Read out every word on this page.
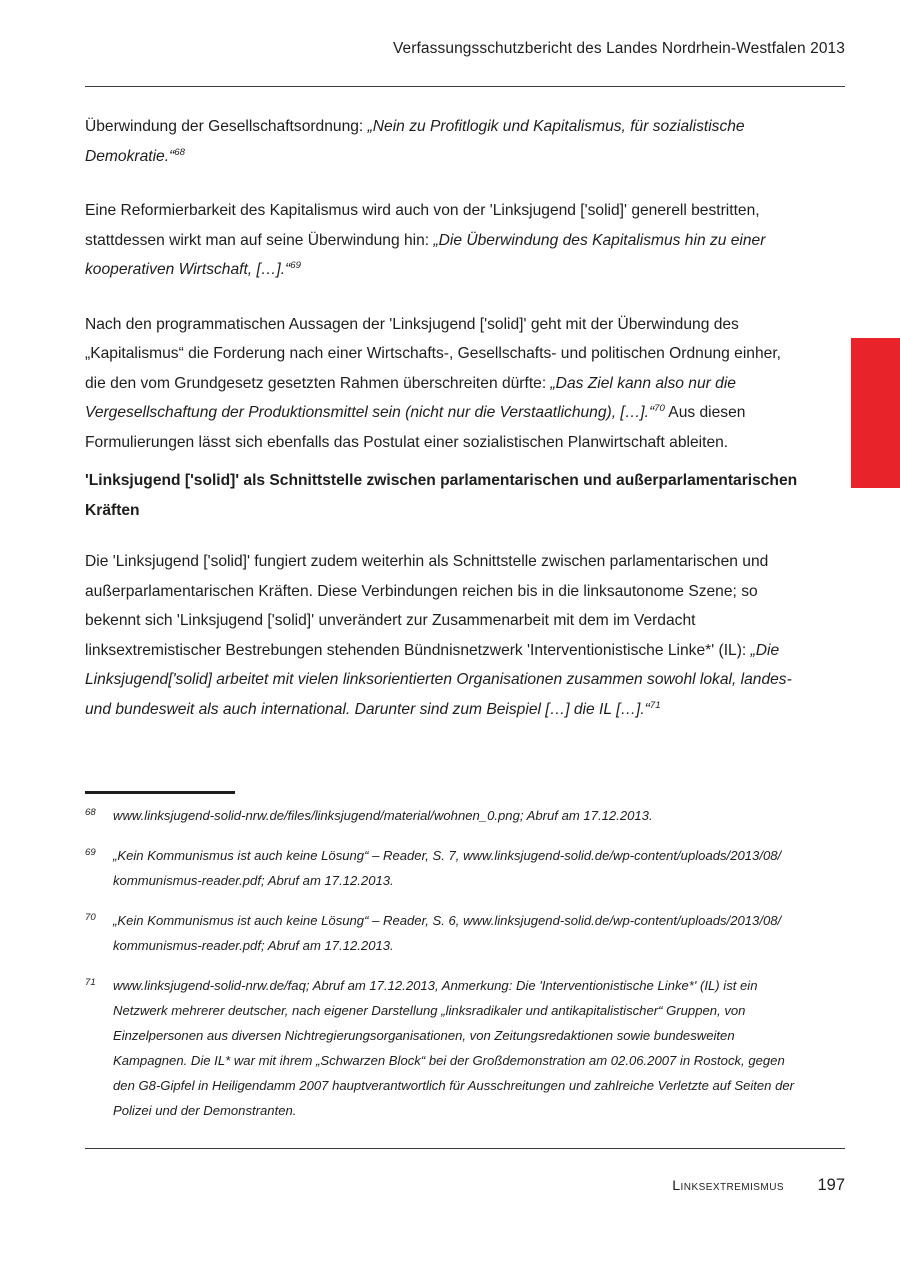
Verfassungsschutzbericht des Landes Nordrhein-Westfalen 2013

Überwindung der Gesellschaftsordnung: „Nein zu Profitlogik und Kapitalismus, für sozialistische Demokratie.“$^{68}$

Eine Reformierbarkeit des Kapitalismus wird auch von der 'Linksjugend ['solid]' generell bestritten, stattdessen wirkt man auf seine Überwindung hin: „Die Überwindung des Kapitalismus hin zu einer kooperativen Wirtschaft, […].“$^{69}$

Nach den programmatischen Aussagen der 'Linksjugend ['solid]' geht mit der Überwindung des „Kapitalismus“ die Forderung nach einer Wirtschafts-, Gesellschafts- und politischen Ordnung einher, die den vom Grundgesetz gesetzten Rahmen überschreiten dürfte: „Das Ziel kann also nur die Vergesellschaftung der Produktionsmittel sein (nicht nur die Verstaatlichung), […].“$^{70}$ Aus diesen Formulierungen lässt sich ebenfalls das Postulat einer sozialistischen Planwirtschaft ableiten.

'Linksjugend ['solid]' als Schnittstelle zwischen parlamentarischen und außerparlamentarischen Kräften

Die 'Linksjugend ['solid]' fungiert zudem weiterhin als Schnittstelle zwischen parlamentarischen und außerparlamentarischen Kräften. Diese Verbindungen reichen bis in die linksautonome Szene; so bekennt sich 'Linksjugend ['solid]' unverändert zur Zusammenarbeit mit dem im Verdacht linksextremistischer Bestrebungen stehenden Bündnisnetzwerk 'Interventionistische Linke*' (IL): „Die Linksjugend['solid] arbeitet mit vielen linksorientierten Organisationen zusammen sowohl lokal, landes- und bundesweit als auch international. Darunter sind zum Beispiel […] die IL […].“$^{71}$

68	www.linksjugend-solid-nrw.de/files/linksjugend/material/wohnen_0.png; Abruf am 17.12.2013.
69	„Kein Kommunismus ist auch keine Lösung“ – Reader, S. 7, www.linksjugend-solid.de/wp-content/uploads/2013/08/ kommunismus-reader.pdf; Abruf am 17.12.2013.
70	„Kein Kommunismus ist auch keine Lösung“ – Reader, S. 6, www.linksjugend-solid.de/wp-content/uploads/2013/08/ kommunismus-reader.pdf; Abruf am 17.12.2013.
71	www.linksjugend-solid-nrw.de/faq; Abruf am 17.12.2013, Anmerkung: Die 'Interventionistische Linke*' (IL) ist ein Netzwerk mehrerer deutscher, nach eigener Darstellung „linksradikaler und antikapitalistischer“ Gruppen, von Einzelpersonen aus diversen Nichtregierungsorganisationen, von Zeitungsredaktionen sowie bundesweiten Kampagnen. Die IL* war mit ihrem „Schwarzen Block“ bei der Großdemonstration am 02.06.2007 in Rostock, gegen den G8-Gipfel in Heiligendamm 2007 hauptverantwortlich für Ausschreitungen und zahlreiche Verletzte auf Seiten der Polizei und der Demonstranten.
Linksextremismus	197
